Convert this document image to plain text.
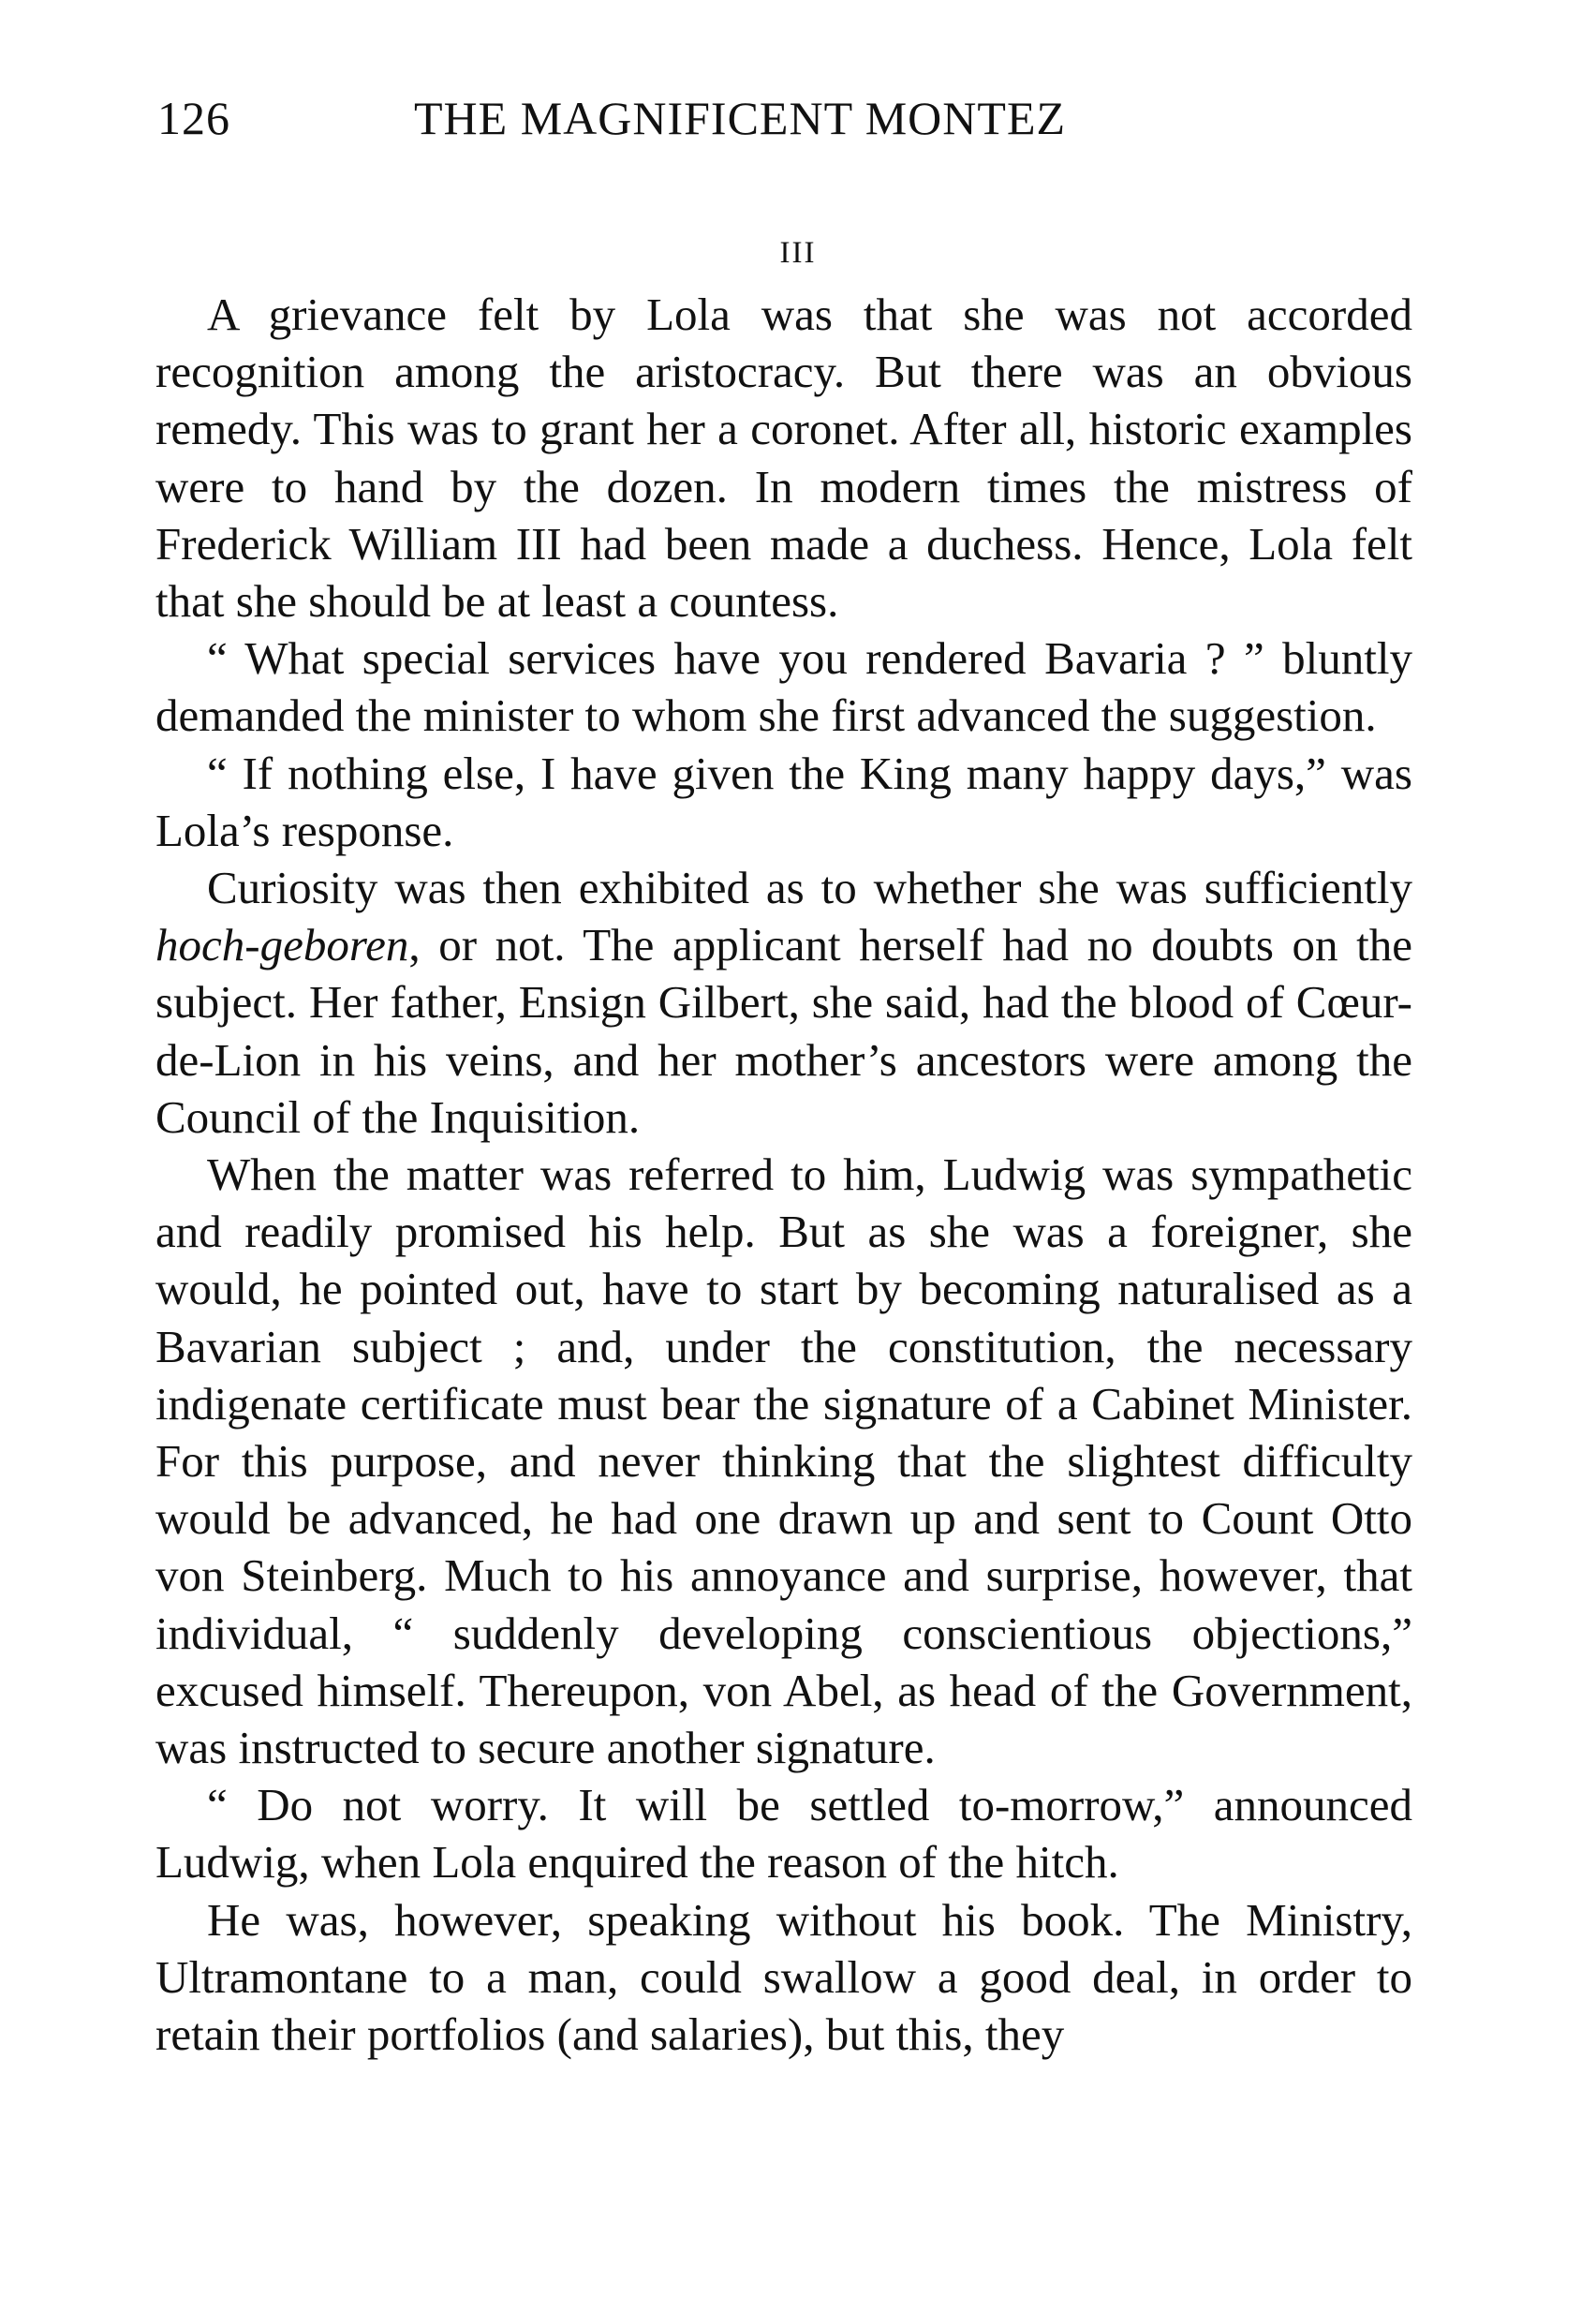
126	THE MAGNIFICENT MONTEZ
III

A grievance felt by Lola was that she was not accorded recognition among the aristocracy. But there was an obvious remedy. This was to grant her a coronet. After all, historic examples were to hand by the dozen. In modern times the mistress of Frederick William III had been made a duchess. Hence, Lola felt that she should be at least a countess.

“ What special services have you rendered Bavaria ? ” bluntly demanded the minister to whom she first advanced the suggestion.

“ If nothing else, I have given the King many happy days,” was Lola’s response.

Curiosity was then exhibited as to whether she was sufficiently hoch-geboren, or not. The applicant herself had no doubts on the subject. Her father, Ensign Gilbert, she said, had the blood of Cœur-de-Lion in his veins, and her mother’s ancestors were among the Council of the Inquisition.

When the matter was referred to him, Ludwig was sympathetic and readily promised his help. But as she was a foreigner, she would, he pointed out, have to start by becoming naturalised as a Bavarian subject ; and, under the constitution, the necessary indigenate certificate must bear the signature of a Cabinet Minister. For this purpose, and never thinking that the slightest difficulty would be advanced, he had one drawn up and sent to Count Otto von Steinberg. Much to his annoyance and surprise, however, that individual, “ suddenly developing conscientious objections,” excused himself. Thereupon, von Abel, as head of the Government, was instructed to secure another signature.

“ Do not worry. It will be settled to-morrow,” announced Ludwig, when Lola enquired the reason of the hitch.

He was, however, speaking without his book. The Ministry, Ultramontane to a man, could swallow a good deal, in order to retain their portfolios (and salaries), but this, they
